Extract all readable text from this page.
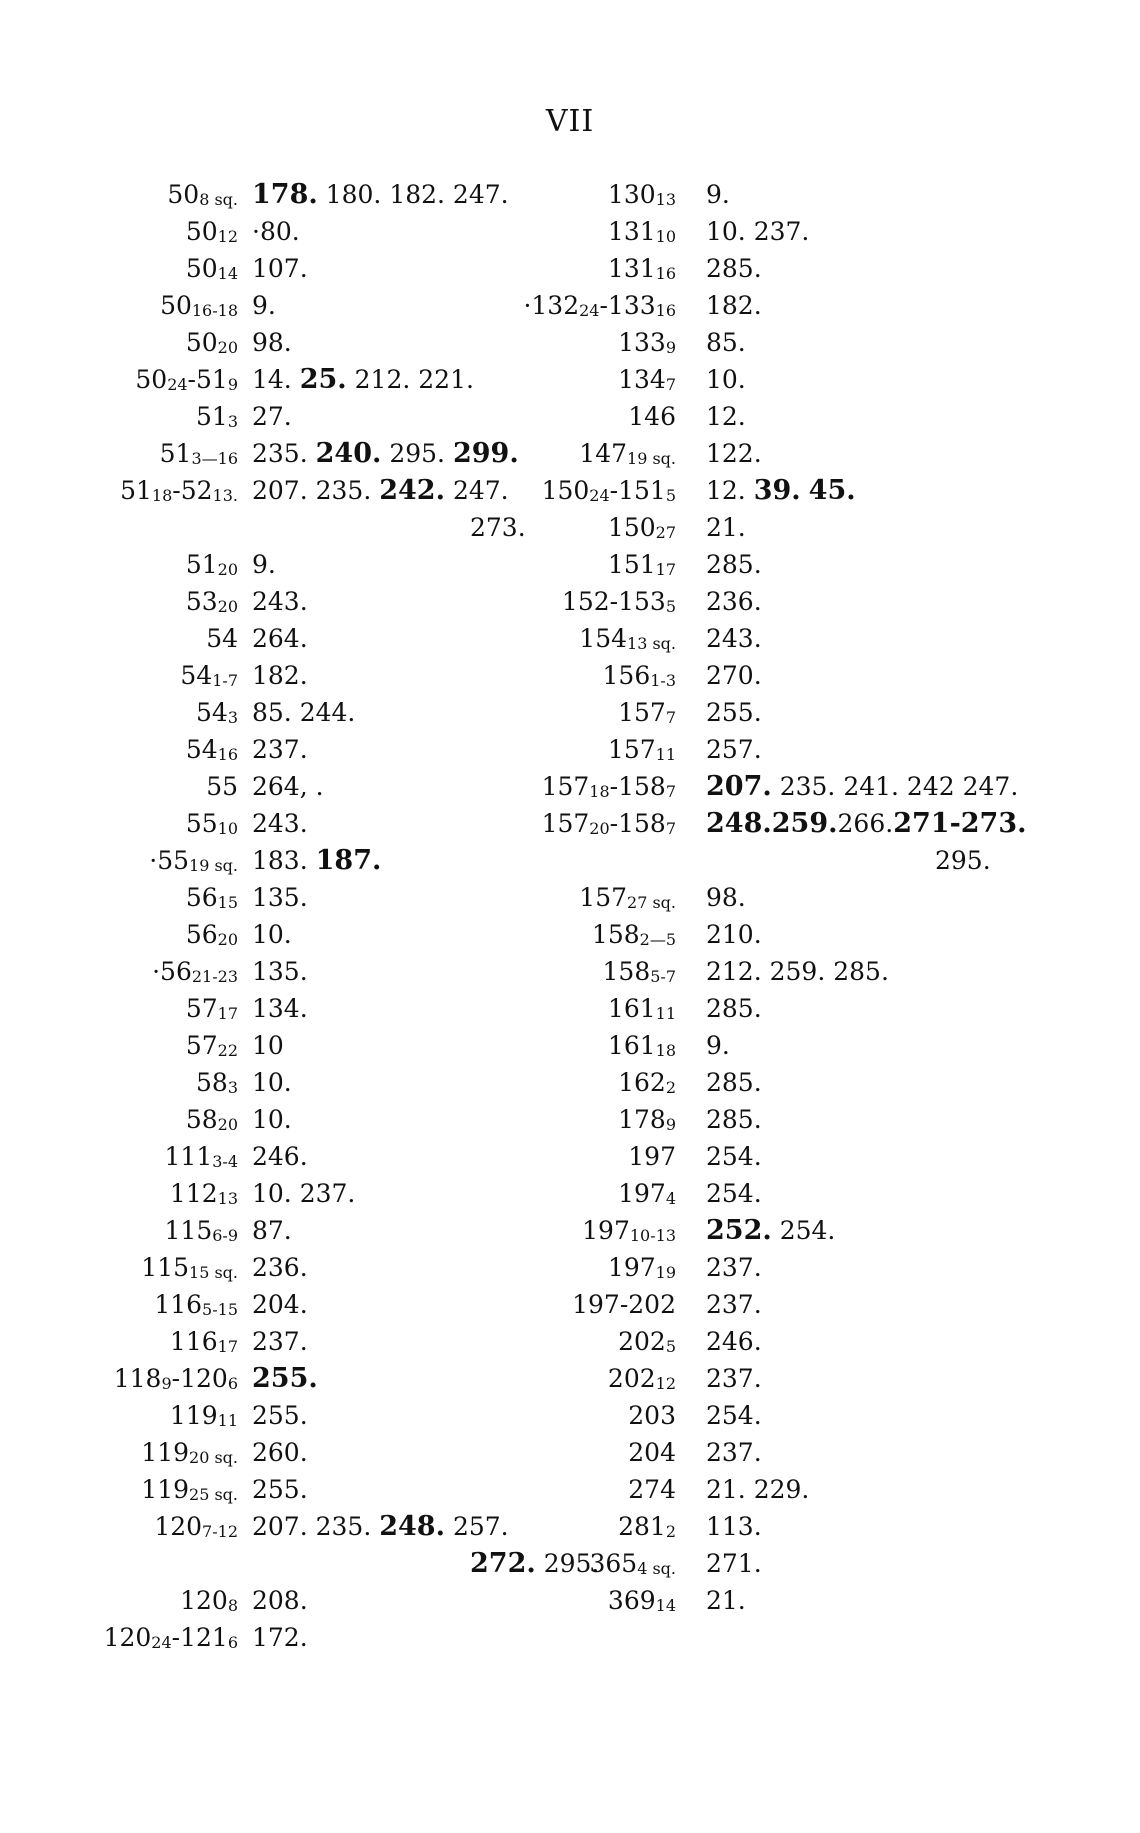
VII
508 sq. 178. 180. 182. 247.
5012 ·80.
5014 107.
5016-18 9.
5020 98.
5024-519 14. 25. 212. 221.
513 27.
513—16 235. 240. 295. 299.
5118-5213. 207. 235. 242. 247.
273.
5120 9.
5320 243.
54 264.
541-7 182.
543 85. 244.
5416 237.
55 264, .
5510 243.
·5519 sq. 183. 187.
5615 135.
5620 10.
·5621-23 135.
5717 134.
5722 10
583 10.
5820 10.
1113-4 246.
11213 10. 237.
1156-9 87.
11515 sq. 236.
1165-15 204.
11617 237.
1189-1206 255.
11911 255.
11920 sq. 260.
11925 sq. 255.
1207-12 207. 235. 248. 257.
272. 295.
1208 208.
12024-1216 172.
13013 9.
13110 10. 237.
13116 285.
·13224-13316 182.
1339 85.
1347 10.
146 12.
14719 sq. 122.
15024-1515 12. 39. 45.
15027 21.
15117 285.
152-1535 236.
15413 sq. 243.
1561-3 270.
1577 255.
15711 257.
15718-1587 207. 235. 241. 242 247.
15720-1587 248.259.266.271-273.
295.
15727 sq. 98.
1582—5 210.
1585-7 212. 259. 285.
16111 285.
16118 9.
1622 285.
1789 285.
197 254.
1974 254.
19710-13 252. 254.
19719 237.
197-202 237.
2025 246.
20212 237.
203 254.
204 237.
274 21. 229.
2812 113.
3654 sq. 271.
36914 21.
